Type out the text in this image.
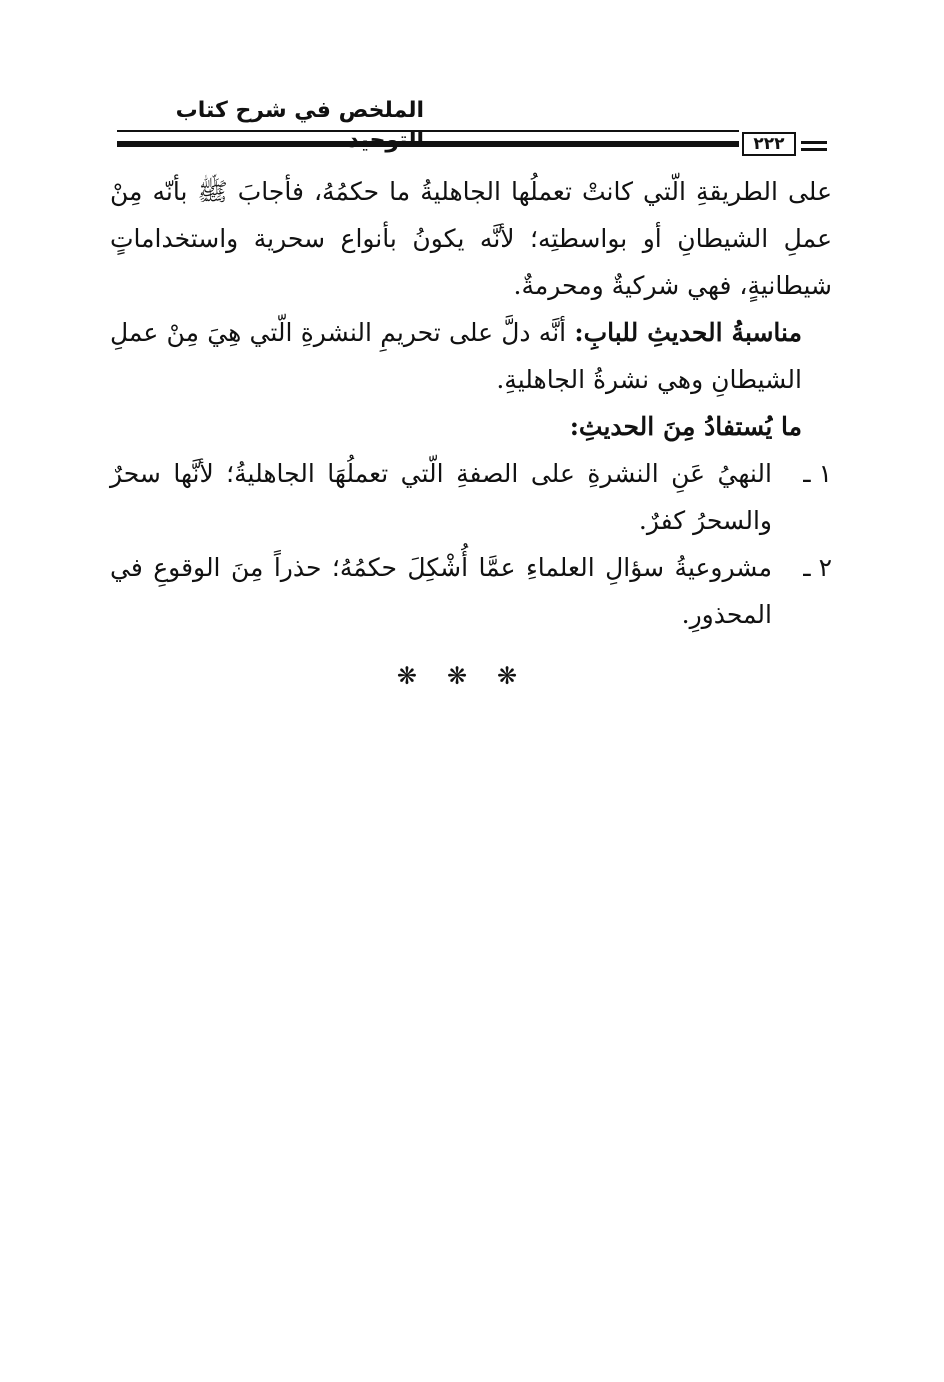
الملخص في شرح كتاب
٢٢٢

على الطريقةِ الّتي كانتْ تعملُها الجاهليةُ ما حكمُهُ، فأجابَ ﷺ بأنّه مِنْ عملِ الشيطانِ أو بواسطتِه؛ لأنَّه يكونُ بأنواع سحرية واستخداماتٍ شيطانيةٍ، فهي شركيةٌ ومحرمةٌ.

مناسبةُ الحديثِ للبابِ: أنَّه دلَّ على تحريمِ النشرةِ الّتي هِيَ مِنْ عملِ الشيطانِ وهي نشرةُ الجاهليةِ.

ما يُستفادُ مِنَ الحديثِ:

١ ـ
النهيُ عَنِ النشرةِ على الصفةِ الّتي تعملُهَا الجاهليةُ؛ لأنَّها سحرٌ والسحرُ كفرٌ.
٢ ـ
مشروعيةُ سؤالِ العلماءِ عمَّا أُشْكِلَ حكمُهُ؛ حذراً مِنَ الوقوعِ في المحذورِ.
❋❋❋
